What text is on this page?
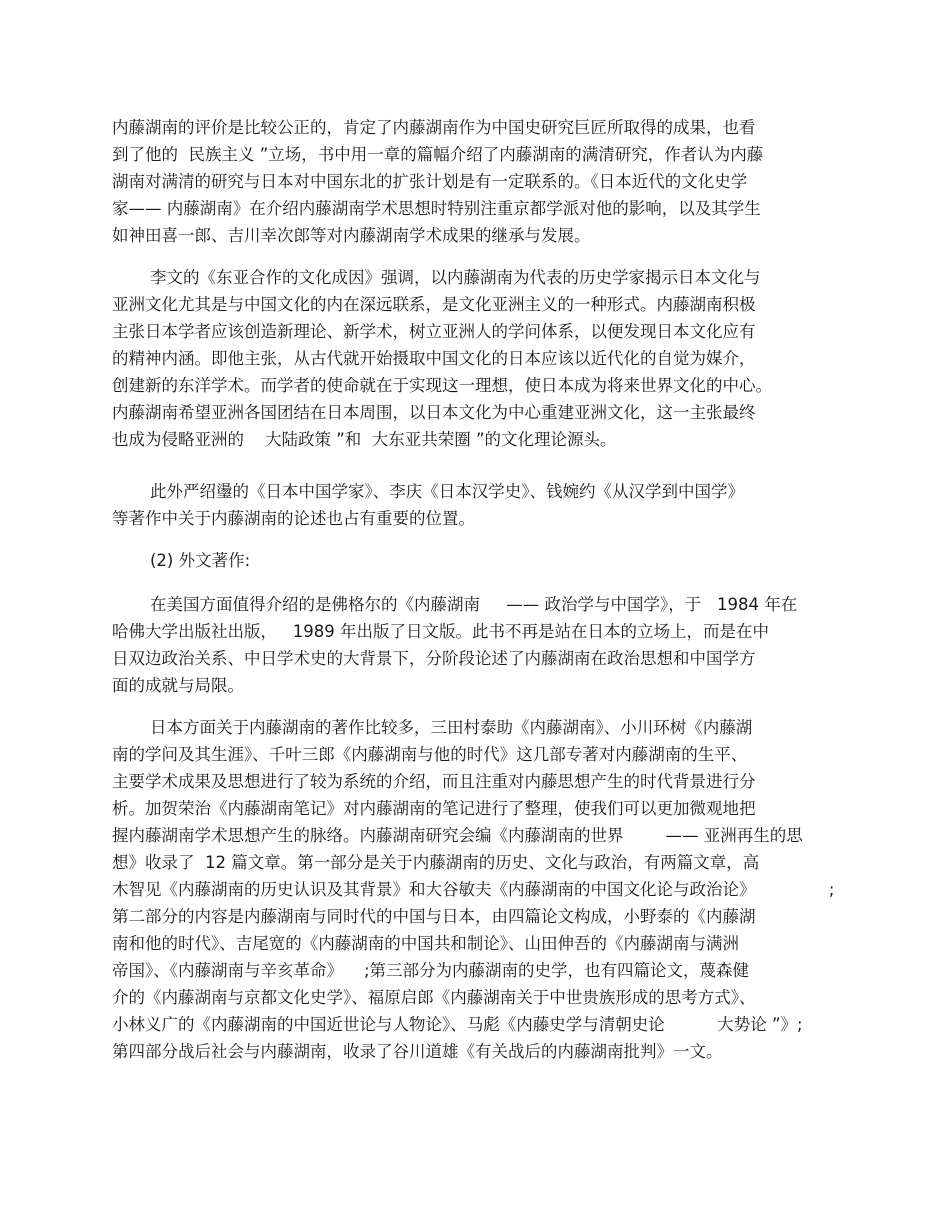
内藤湖南的评价是比较公正的，肯定了内藤湖南作为中国史研究巨匠所取得的成果，也看
到了他的  民族主义 ”立场，书中用一章的篇幅介绍了内藤湖南的满清研究，作者认为内藤
湖南对满清的研究与日本对中国东北的扩张计划是有一定联系的。《日本近代的文化史学
家—— 内藤湖南》在介绍内藤湖南学术思想时特别注重京都学派对他的影响，以及其学生
如神田喜一郎、吉川幸次郎等对内藤湖南学术成果的继承与发展。
李文的《东亚合作的文化成因》强调，以内藤湖南为代表的历史学家揭示日本文化与
亚洲文化尤其是与中国文化的内在深远联系，是文化亚洲主义的一种形式。内藤湖南积极
主张日本学者应该创造新理论、新学术，树立亚洲人的学问体系，以便发现日本文化应有
的精神内涵。即他主张，从古代就开始摄取中国文化的日本应该以近代化的自觉为媒介，
创建新的东洋学术。而学者的使命就在于实现这一理想，使日本成为将来世界文化的中心。
内藤湖南希望亚洲各国团结在日本周围，以日本文化为中心重建亚洲文化，这一主张最终
也成为侵略亚洲的    大陆政策 ”和  大东亚共荣圈 ”的文化理论源头。
此外严绍璗的《日本中国学家》、李庆《日本汉学史》、钱婉约《从汉学到中国学》
等著作中关于内藤湖南的论述也占有重要的位置。
(2) 外文著作:
在美国方面值得介绍的是佛格尔的《内藤湖南     —— 政治学与中国学》，于   1984 年在
哈佛大学出版社出版，   1989 年出版了日文版。此书不再是站在日本的立场上，而是在中
日双边政治关系、中日学术史的大背景下，分阶段论述了内藤湖南在政治思想和中国学方
面的成就与局限。
日本方面关于内藤湖南的著作比较多，三田村泰助《内藤湖南》、小川环树《内藤湖
南的学问及其生涯》、千叶三郎《内藤湖南与他的时代》这几部专著对内藤湖南的生平、
主要学术成果及思想进行了较为系统的介绍，而且注重对内藤思想产生的时代背景进行分
析。加贺荣治《内藤湖南笔记》对内藤湖南的笔记进行了整理，使我们可以更加微观地把
握内藤湖南学术思想产生的脉络。内藤湖南研究会编《内藤湖南的世界        —— 亚洲再生的思
想》收录了  12 篇文章。第一部分是关于内藤湖南的历史、文化与政治，有两篇文章，高
木智见《内藤湖南的历史认识及其背景》和大谷敏夫《内藤湖南的中国文化论与政治论》              ;
第二部分的内容是内藤湖南与同时代的中国与日本，由四篇论文构成，小野泰的《内藤湖
南和他的时代》、吉尾宽的《内藤湖南的中国共和制论》、山田伸吾的《内藤湖南与满洲
帝国》、《内藤湖南与辛亥革命》    ;第三部分为内藤湖南的史学，也有四篇论文，蔑森健
介的《内藤湖南与京都文化史学》、福原启郎《内藤湖南关于中世贵族形成的思考方式》、
小林义广的《内藤湖南的中国近世论与人物论》、马彪《内藤史学与清朝史论          大势论 ”》;
第四部分战后社会与内藤湖南，收录了谷川道雄《有关战后的内藤湖南批判》一文。
